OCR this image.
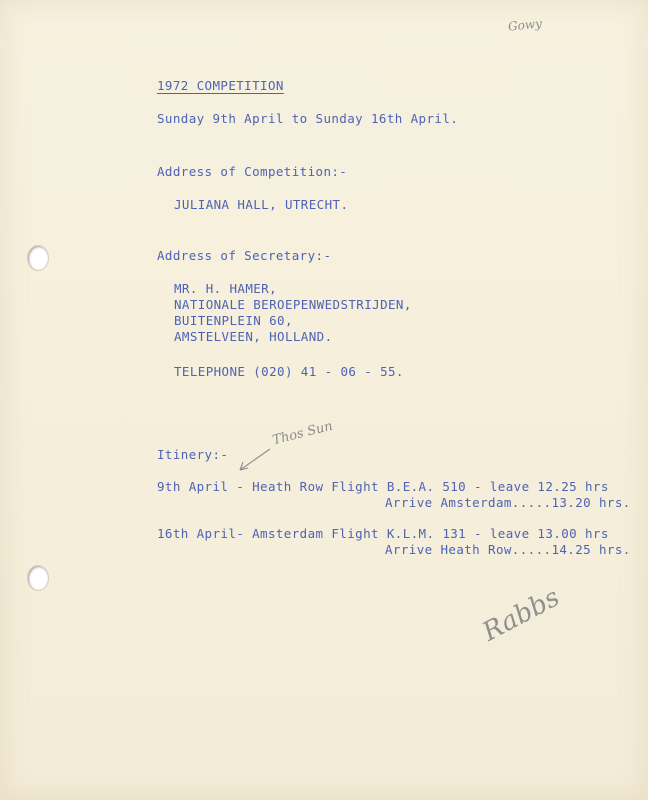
Gowy
1972 COMPETITION
Sunday 9th April to Sunday 16th April.
Address of Competition:-
JULIANA HALL, UTRECHT.
Address of Secretary:-
MR. H. HAMER,
NATIONALE BEROEPENWEDSTRIJDEN,
BUITENPLEIN 60,
AMSTELVEEN, HOLLAND.
TELEPHONE (020) 41 - 06 - 55.
Itinery:-
Thos Sun
9th April - Heath Row Flight B.E.A. 510 - leave 12.25 hrs
Arrive Amsterdam.....13.20 hrs.
16th April- Amsterdam Flight K.L.M. 131 - leave 13.00 hrs
Arrive Heath Row.....14.25 hrs.
Rabbs
